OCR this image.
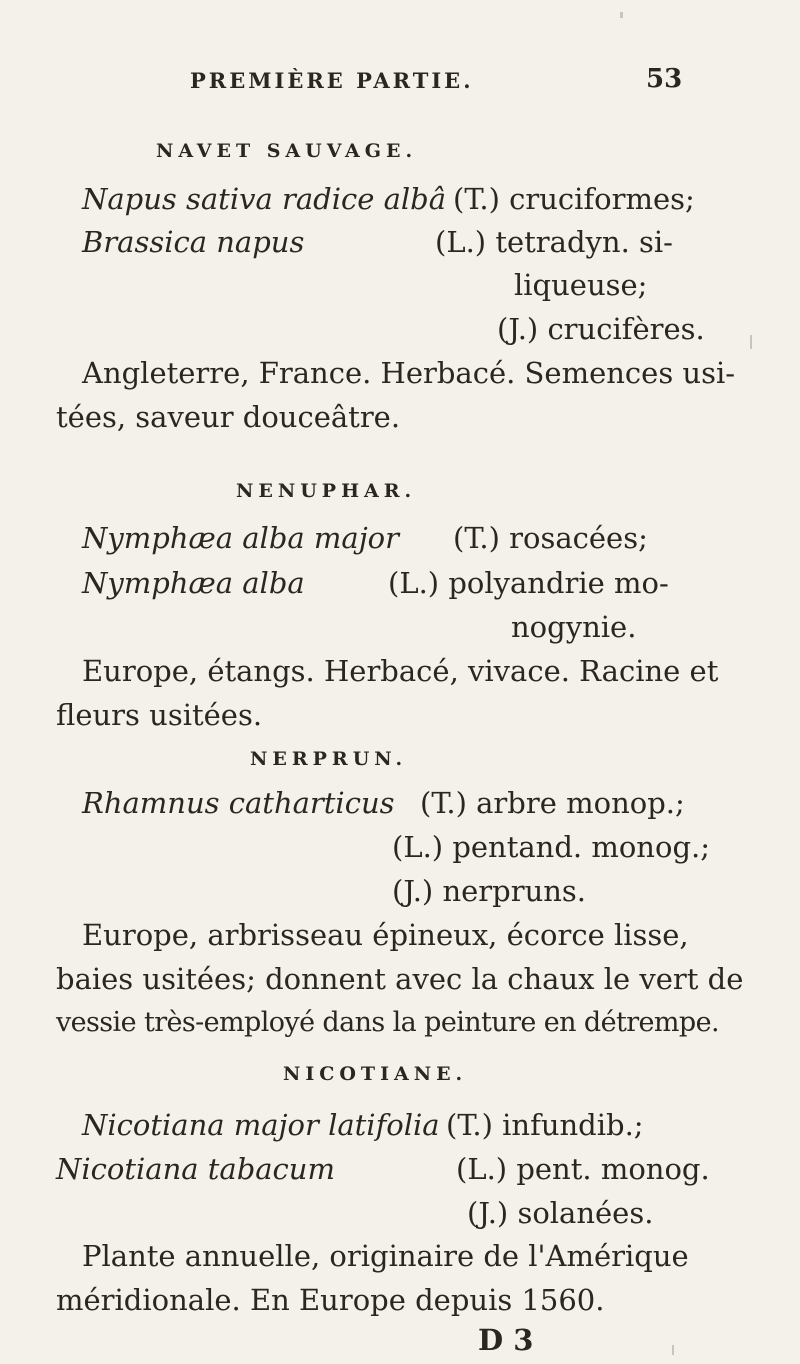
PREMIÈRE PARTIE.	53
NAVET SAUVAGE.
Napus sativa radice albâ (T.) cruciformes;
Brassica napus	(L.) tetradyn. si-
liqueuse;
(J.) crucifères.
Angleterre, France. Herbacé. Semences usi-
tées, saveur douceâtre.
NENUPHAR.
Nymphæa alba major (T.) rosacées;
Nymphæa alba	(L.) polyandrie mo-
nogynie.
Europe, étangs. Herbacé, vivace. Racine et
fleurs usitées.
NERPRUN.
Rhamnus catharticus (T.) arbre monop.;
(L.) pentand. monog.;
(J.) nerpruns.
Europe, arbrisseau épineux, écorce lisse,
baies usitées; donnent avec la chaux le vert de
vessie très-employé dans la peinture en détrempe.
NICOTIANE.
Nicotiana major latifolia (T.) infundib.;
Nicotiana tabacum	(L.) pent. monog.
(J.) solanées.
Plante annuelle, originaire de l'Amérique
méridionale. En Europe depuis 1560.
D 3
